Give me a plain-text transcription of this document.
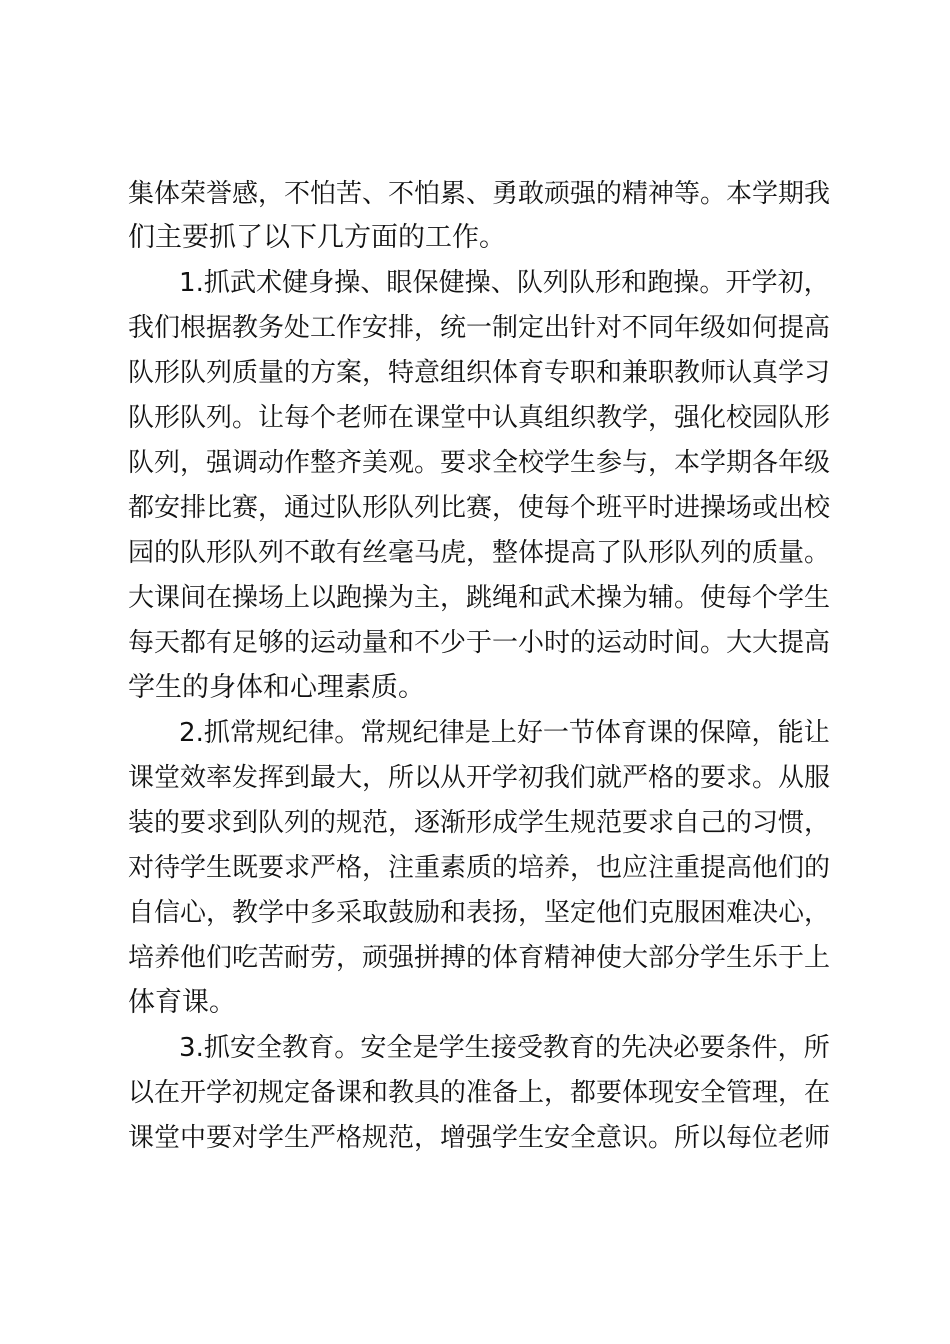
集体荣誉感，不怕苦、不怕累、勇敢顽强的精神等。本学期我
们主要抓了以下几方面的工作。
1.抓武术健身操、眼保健操、队列队形和跑操。开学初，
我们根据教务处工作安排，统一制定出针对不同年级如何提高
队形队列质量的方案，特意组织体育专职和兼职教师认真学习
队形队列。让每个老师在课堂中认真组织教学，强化校园队形
队列，强调动作整齐美观。要求全校学生参与，本学期各年级
都安排比赛，通过队形队列比赛，使每个班平时进操场或出校
园的队形队列不敢有丝毫马虎，整体提高了队形队列的质量。
大课间在操场上以跑操为主，跳绳和武术操为辅。使每个学生
每天都有足够的运动量和不少于一小时的运动时间。大大提高
学生的身体和心理素质。
2.抓常规纪律。常规纪律是上好一节体育课的保障，能让
课堂效率发挥到最大，所以从开学初我们就严格的要求。从服
装的要求到队列的规范，逐渐形成学生规范要求自己的习惯，
对待学生既要求严格，注重素质的培养，也应注重提高他们的
自信心，教学中多采取鼓励和表扬，坚定他们克服困难决心，
培养他们吃苦耐劳，顽强拼搏的体育精神使大部分学生乐于上
体育课。
3.抓安全教育。安全是学生接受教育的先决必要条件，所
以在开学初规定备课和教具的准备上，都要体现安全管理，在
课堂中要对学生严格规范，增强学生安全意识。所以每位老师
